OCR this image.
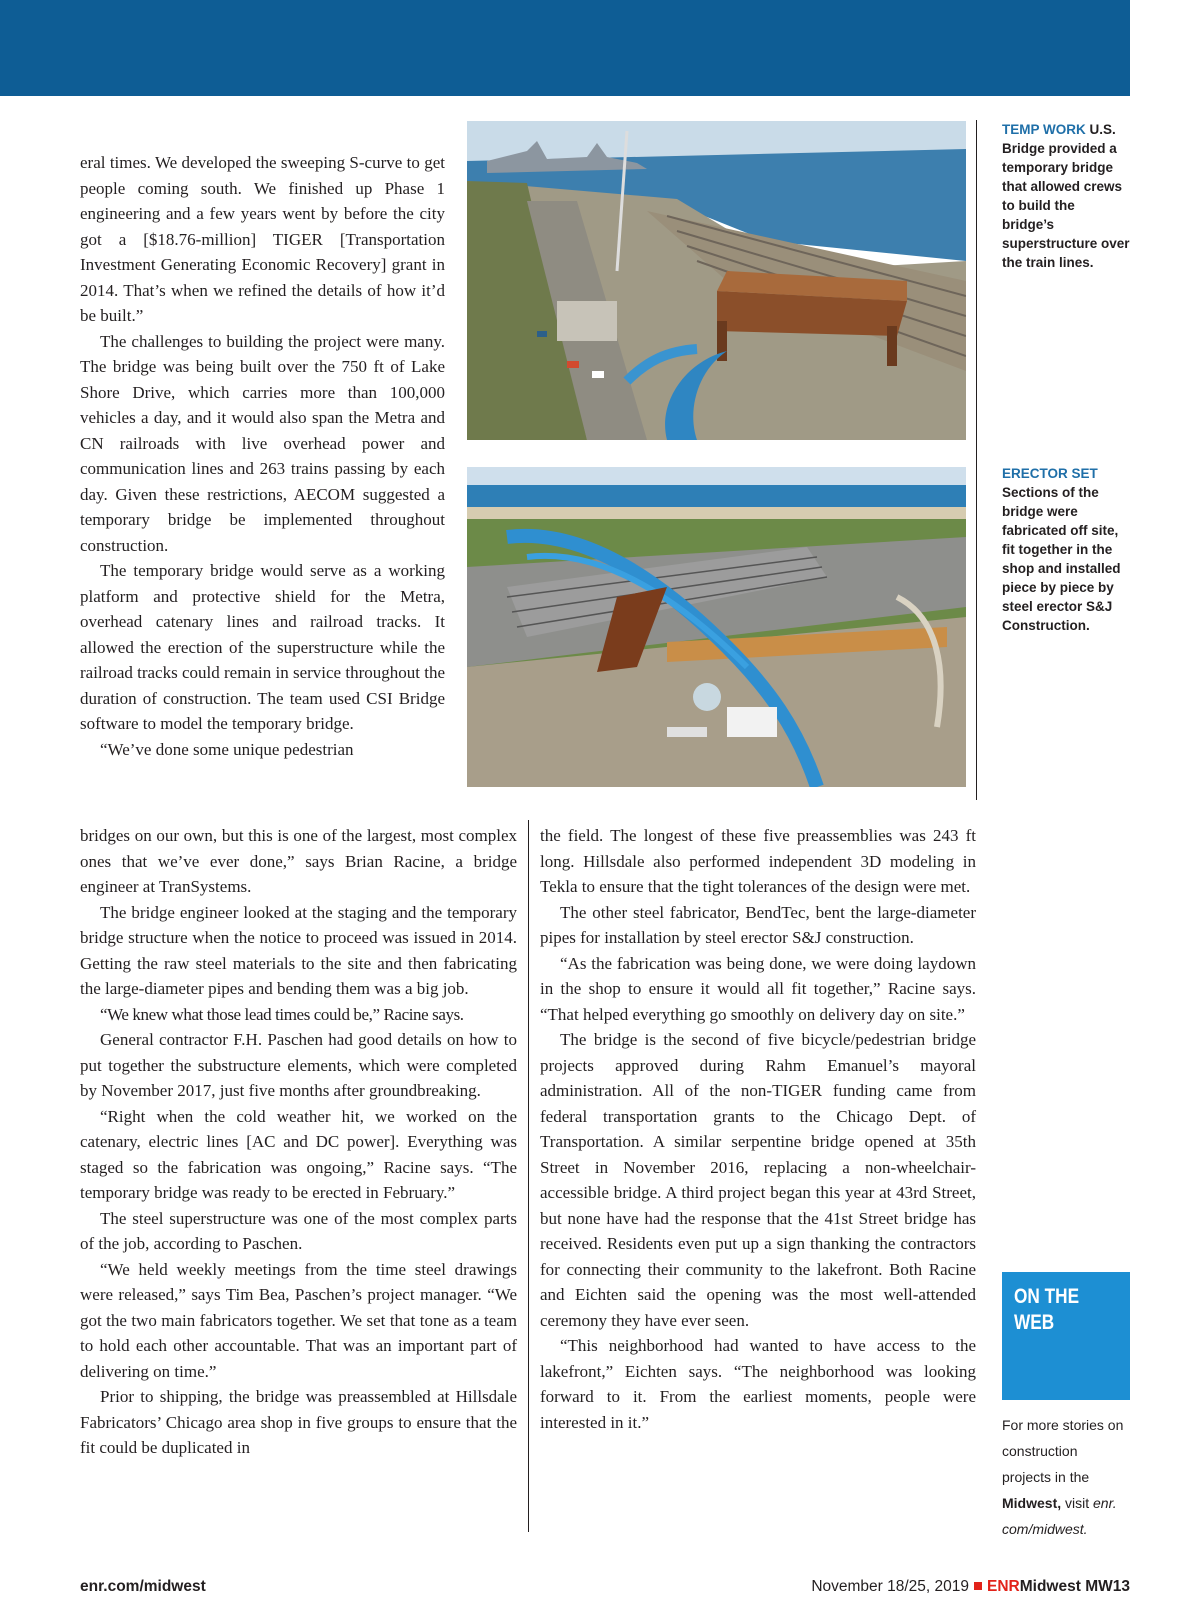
eral times. We developed the sweeping S-curve to get people coming south. We finished up Phase 1 engineering and a few years went by before the city got a [$18.76-million] TIGER [Transportation Investment Generating Economic Recovery] grant in 2014. That’s when we refined the details of how it’d be built.”

The challenges to building the project were many. The bridge was being built over the 750 ft of Lake Shore Drive, which carries more than 100,000 vehicles a day, and it would also span the Metra and CN railroads with live overhead power and communication lines and 263 trains passing by each day. Given these restrictions, AECOM suggested a temporary bridge be implemented throughout construction.

The temporary bridge would serve as a working platform and protective shield for the Metra, overhead catenary lines and railroad tracks. It allowed the erection of the superstructure while the railroad tracks could remain in service throughout the duration of construction. The team used CSI Bridge software to model the temporary bridge.

“We’ve done some unique pedestrian

bridges on our own, but this is one of the largest, most complex ones that we’ve ever done,” says Brian Racine, a bridge engineer at TranSystems.

The bridge engineer looked at the staging and the temporary bridge structure when the notice to proceed was issued in 2014. Getting the raw steel materials to the site and then fabricating the large-diameter pipes and bending them was a big job.

“We knew what those lead times could be,” Racine says.

General contractor F.H. Paschen had good details on how to put together the substructure elements, which were completed by November 2017, just five months after groundbreaking.

“Right when the cold weather hit, we worked on the catenary, electric lines [AC and DC power]. Everything was staged so the fabrication was ongoing,” Racine says. “The temporary bridge was ready to be erected in February.”

The steel superstructure was one of the most complex parts of the job, according to Paschen.

“We held weekly meetings from the time steel drawings were released,” says Tim Bea, Paschen’s project manager. “We got the two main fabricators together. We set that tone as a team to hold each other accountable. That was an important part of delivering on time.”

Prior to shipping, the bridge was preassembled at Hillsdale Fabricators’ Chicago area shop in five groups to ensure that the fit could be duplicated in

the field. The longest of these five preassemblies was 243 ft long. Hillsdale also performed independent 3D modeling in Tekla to ensure that the tight tolerances of the design were met.

The other steel fabricator, BendTec, bent the large-diameter pipes for installation by steel erector S&J construction.

“As the fabrication was being done, we were doing laydown in the shop to ensure it would all fit together,” Racine says. “That helped everything go smoothly on delivery day on site.”

The bridge is the second of five bicycle/pedestrian bridge projects approved during Rahm Emanuel’s mayoral administration. All of the non-TIGER funding came from federal transportation grants to the Chicago Dept. of Transportation. A similar serpentine bridge opened at 35th Street in November 2016, replacing a non-wheelchair-accessible bridge. A third project began this year at 43rd Street, but none have had the response that the 41st Street bridge has received. Residents even put up a sign thanking the contractors for connecting their community to the lakefront. Both Racine and Eichten said the opening was the most well-attended ceremony they have ever seen.

“This neighborhood had wanted to have access to the lakefront,” Eichten says. “The neighborhood was looking forward to it. From the earliest moments, people were interested in it.”

TEMP WORK U.S. Bridge provided a temporary bridge that allowed crews to build the bridge’s superstructure over the train lines.
ERECTOR SET
Sections of the bridge were fabricated off site, fit together in the shop and installed piece by piece by steel erector S&J Construction.
ON THE WEB
For more stories on construction projects in the Midwest, visit enr. com/midwest.
enr.com/midwest	November 18/25, 2019 ENRMidwest MW13
